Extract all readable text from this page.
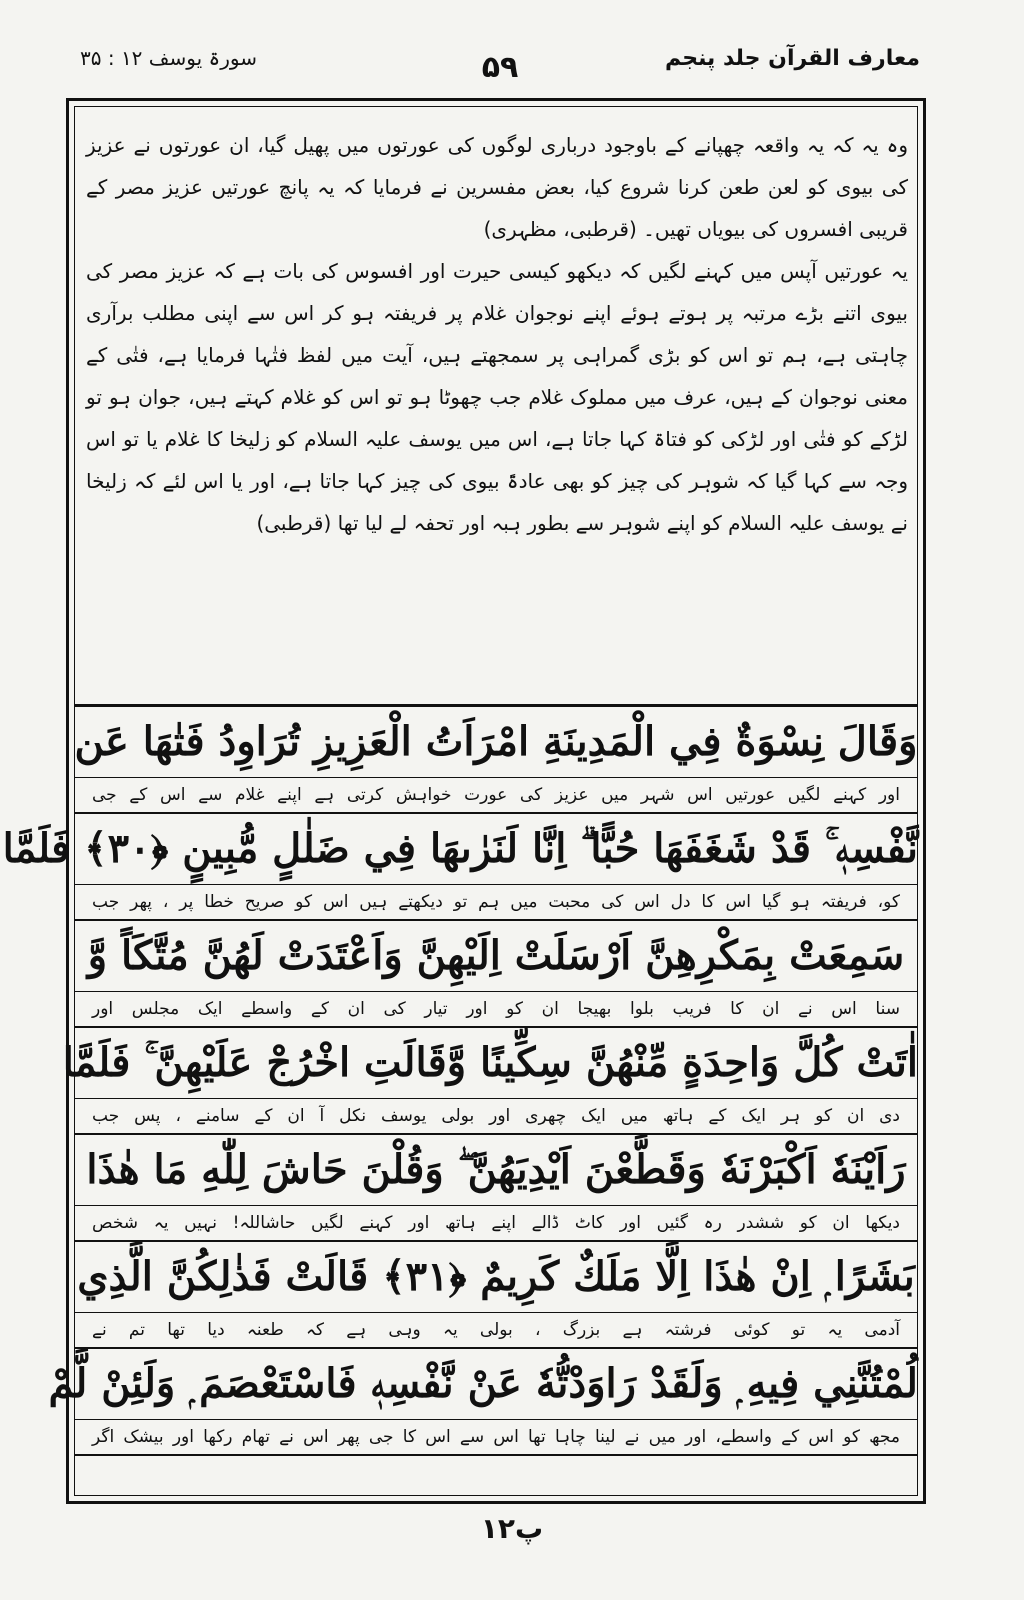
معارف القرآن جلد پنجم
۵۹
سورۃ یوسف ۱۲ : ۳۵

وہ یہ کہ یہ واقعہ چھپانے کے باوجود درباری لوگوں کی عورتوں میں پھیل گیا، ان عورتوں نے عزیز کی بیوی کو لعن طعن کرنا شروع کیا، بعض مفسرین نے فرمایا کہ یہ پانچ عورتیں عزیز مصر کے قریبی افسروں کی بیویاں تھیں۔ (قرطبی، مظہری)

یہ عورتیں آپس میں کہنے لگیں کہ دیکھو کیسی حیرت اور افسوس کی بات ہے کہ عزیز مصر کی بیوی اتنے بڑے مرتبہ پر ہوتے ہوئے اپنے نوجوان غلام پر فریفتہ ہو کر اس سے اپنی مطلب برآری چاہتی ہے، ہم تو اس کو بڑی گمراہی پر سمجھتے ہیں، آیت میں لفظ فتٰہا فرمایا ہے، فتٰی کے معنی نوجوان کے ہیں، عرف میں مملوک غلام جب چھوٹا ہو تو اس کو غلام کہتے ہیں، جوان ہو تو لڑکے کو فتٰی اور لڑکی کو فتاۃ کہا جاتا ہے، اس میں یوسف علیہ السلام کو زلیخا کا غلام یا تو اس وجہ سے کہا گیا کہ شوہر کی چیز کو بھی عادۃً بیوی کی چیز کہا جاتا ہے، اور یا اس لئے کہ زلیخا نے یوسف علیہ السلام کو اپنے شوہر سے بطور ہبہ اور تحفہ لے لیا تھا (قرطبی)

وَقَالَ نِسْوَةٌ فِي الْمَدِينَةِ امْرَاَتُ الْعَزِيزِ تُرَاوِدُ فَتٰهَا عَن
اور کہنے لگیں عورتیں اس شہر میں عزیز کی عورت خواہش کرتی ہے اپنے غلام سے اس کے جی
نَّفْسِهٖ ۚ قَدْ شَغَفَهَا حُبًّا ۗ اِنَّا لَنَرٰىهَا فِي ضَلٰلٍ مُّبِينٍ ﴿٣٠﴾ فَلَمَّا
کو، فریفتہ ہو گیا اس کا دل اس کی محبت میں ہم تو دیکھتے ہیں اس کو صریح خطا پر ، پھر جب
سَمِعَتْ بِمَكْرِهِنَّ اَرْسَلَتْ اِلَيْهِنَّ وَاَعْتَدَتْ لَهُنَّ مُتَّكَاً وَّ
سنا اس نے ان کا فریب بلوا بھیجا ان کو اور تیار کی ان کے واسطے ایک مجلس اور
اٰتَتْ كُلَّ وَاحِدَةٍ مِّنْهُنَّ سِكِّينًا وَّقَالَتِ اخْرُجْ عَلَيْهِنَّ ۚ فَلَمَّا
دی ان کو ہر ایک کے ہاتھ میں ایک چھری اور بولی یوسف نکل آ ان کے سامنے ، پس جب
رَاَيْنَهٗ اَكْبَرْنَهٗ وَقَطَّعْنَ اَيْدِيَهُنَّ ۖ وَقُلْنَ حَاشَ لِلّٰهِ مَا هٰذَا
دیکھا ان کو ششدر رہ گئیں اور کاٹ ڈالے اپنے ہاتھ اور کہنے لگیں حاشاللہ! نہیں یہ شخص
بَشَرًا ۭ اِنْ هٰذَا اِلَّا مَلَكٌ كَرِيمٌ ﴿٣١﴾ قَالَتْ فَذٰلِكُنَّ الَّذِي
آدمی یہ تو کوئی فرشتہ ہے بزرگ ، بولی یہ وہی ہے کہ طعنہ دیا تھا تم نے
لُمْتُنَّنِي فِيهِ ۭ وَلَقَدْ رَاوَدْتُّهٗ عَنْ نَّفْسِهٖ فَاسْتَعْصَمَ ۭ وَلَئِنْ لَّمْ
مجھ کو اس کے واسطے، اور میں نے لینا چاہا تھا اس سے اس کا جی پھر اس نے تھام رکھا اور بیشک اگر
۱۲پ
